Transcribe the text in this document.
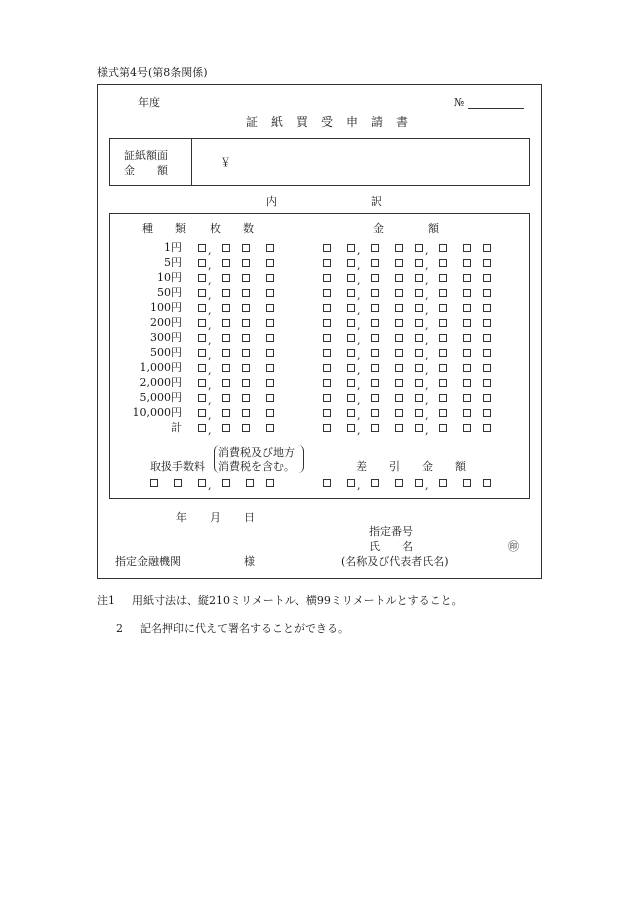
様式第4号(第8条関係)
年度	№
証紙買受申請書
証紙額面
金　　額
￥
内	訳
種　　類 枚　　数	金　　　　額
1円 ,	,	,
5円 ,	,	,
10円 ,	,	,
50円 ,	,	,
100円 ,	,	,
200円 ,	,	,
300円 ,	,	,
500円 ,	,	,
1,000円 ,	,	,
2,000円 ,	,	,
5,000円 ,	,	,
10,000円 ,	,	,
計 ,	,	,
取扱手数料
消費税及び地方
消費税を含む。	差　　引　　金　　額
,	,	,
年 月 日
指定番号
氏　　名	㊞
指定金融機関	様	(名称及び代表者氏名)
注1 用紙寸法は、縦210ミリメートル、横99ミリメートルとすること。
2 記名押印に代えて署名することができる。
